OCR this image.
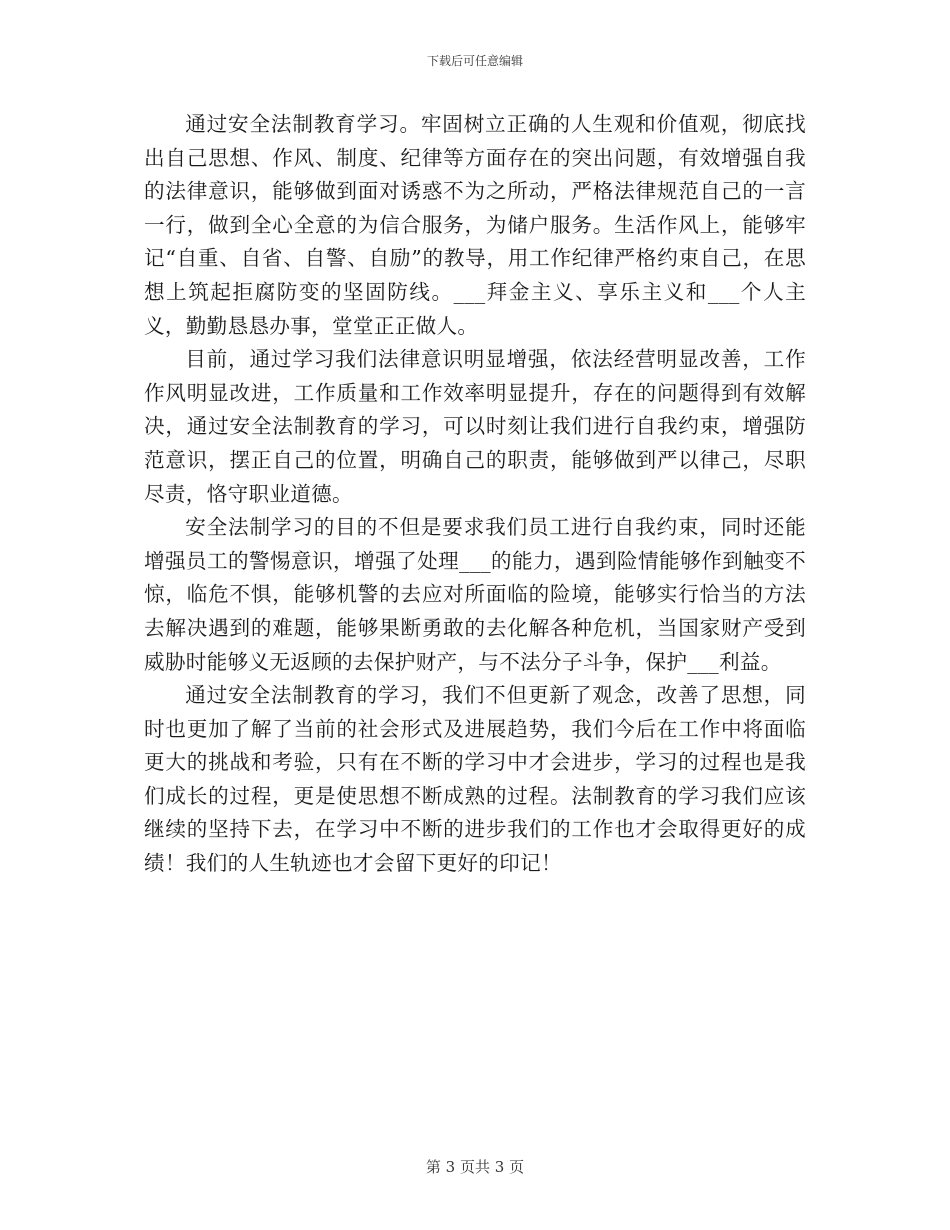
下载后可任意编辑

通过安全法制教育学习。牢固树立正确的人生观和价值观，彻底找出自己思想、作风、制度、纪律等方面存在的突出问题，有效增强自我的法律意识，能够做到面对诱惑不为之所动，严格法律规范自己的一言一行，做到全心全意的为信合服务，为储户服务。生活作风上，能够牢记“自重、自省、自警、自励”的教导，用工作纪律严格约束自己，在思想上筑起拒腐防变的坚固防线。___拜金主义、享乐主义和___个人主义，勤勤恳恳办事，堂堂正正做人。

目前，通过学习我们法律意识明显增强，依法经营明显改善，工作作风明显改进，工作质量和工作效率明显提升，存在的问题得到有效解决，通过安全法制教育的学习，可以时刻让我们进行自我约束，增强防范意识，摆正自己的位置，明确自己的职责，能够做到严以律己，尽职尽责，恪守职业道德。

安全法制学习的目的不但是要求我们员工进行自我约束，同时还能增强员工的警惕意识，增强了处理___的能力，遇到险情能够作到触变不惊，临危不惧，能够机警的去应对所面临的险境，能够实行恰当的方法去解决遇到的难题，能够果断勇敢的去化解各种危机，当国家财产受到威胁时能够义无返顾的去保护财产，与不法分子斗争，保护___利益。

通过安全法制教育的学习，我们不但更新了观念，改善了思想，同时也更加了解了当前的社会形式及进展趋势，我们今后在工作中将面临更大的挑战和考验，只有在不断的学习中才会进步，学习的过程也是我们成长的过程，更是使思想不断成熟的过程。法制教育的学习我们应该继续的坚持下去，在学习中不断的进步我们的工作也才会取得更好的成绩！我们的人生轨迹也才会留下更好的印记！

第 3 页共 3 页
